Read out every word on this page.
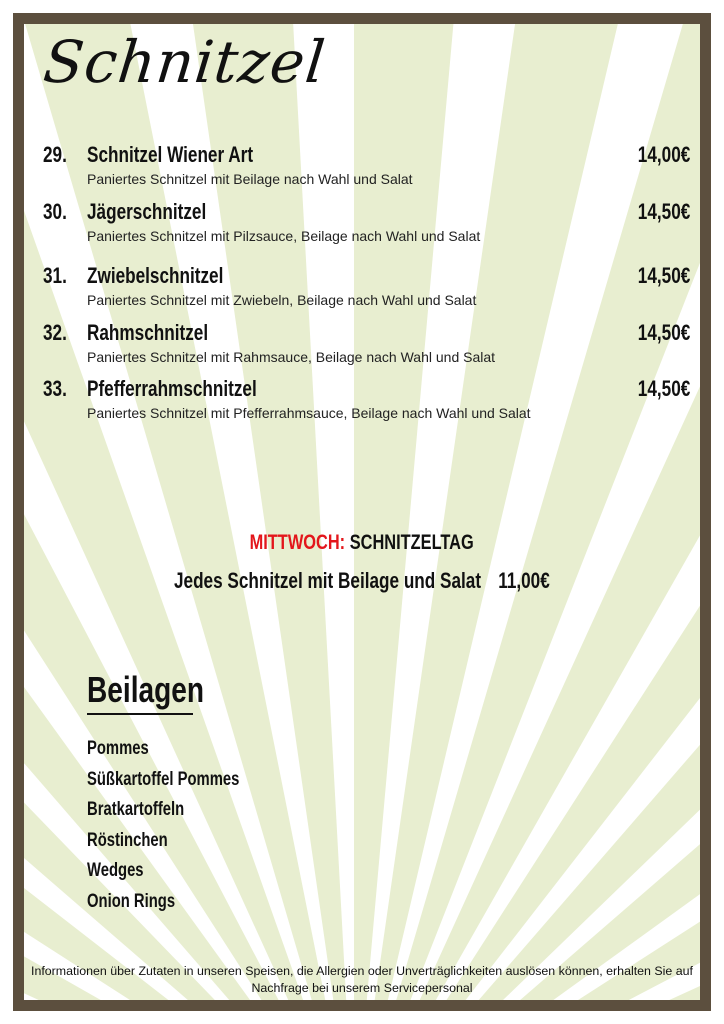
Schnitzel
29. Schnitzel Wiener Art	14,00€
Paniertes Schnitzel mit Beilage nach Wahl und Salat
30. Jägerschnitzel	14,50€
Paniertes Schnitzel mit Pilzsauce, Beilage nach Wahl und Salat
31. Zwiebelschnitzel	14,50€
Paniertes Schnitzel mit Zwiebeln, Beilage nach Wahl und Salat
32. Rahmschnitzel	14,50€
Paniertes Schnitzel mit Rahmsauce, Beilage nach Wahl und Salat
33. Pfefferrahmschnitzel	14,50€
Paniertes Schnitzel mit Pfefferrahmsauce, Beilage nach Wahl und Salat
MITTWOCH: SCHNITZELTAG
Jedes Schnitzel mit Beilage und Salat 11,00€
Beilagen
Pommes
Süßkartoffel Pommes
Bratkartoffeln
Röstinchen
Wedges
Onion Rings
Informationen über Zutaten in unseren Speisen, die Allergien oder Unverträglichkeiten auslösen können, erhalten Sie auf
Nachfrage bei unserem Servicepersonal
